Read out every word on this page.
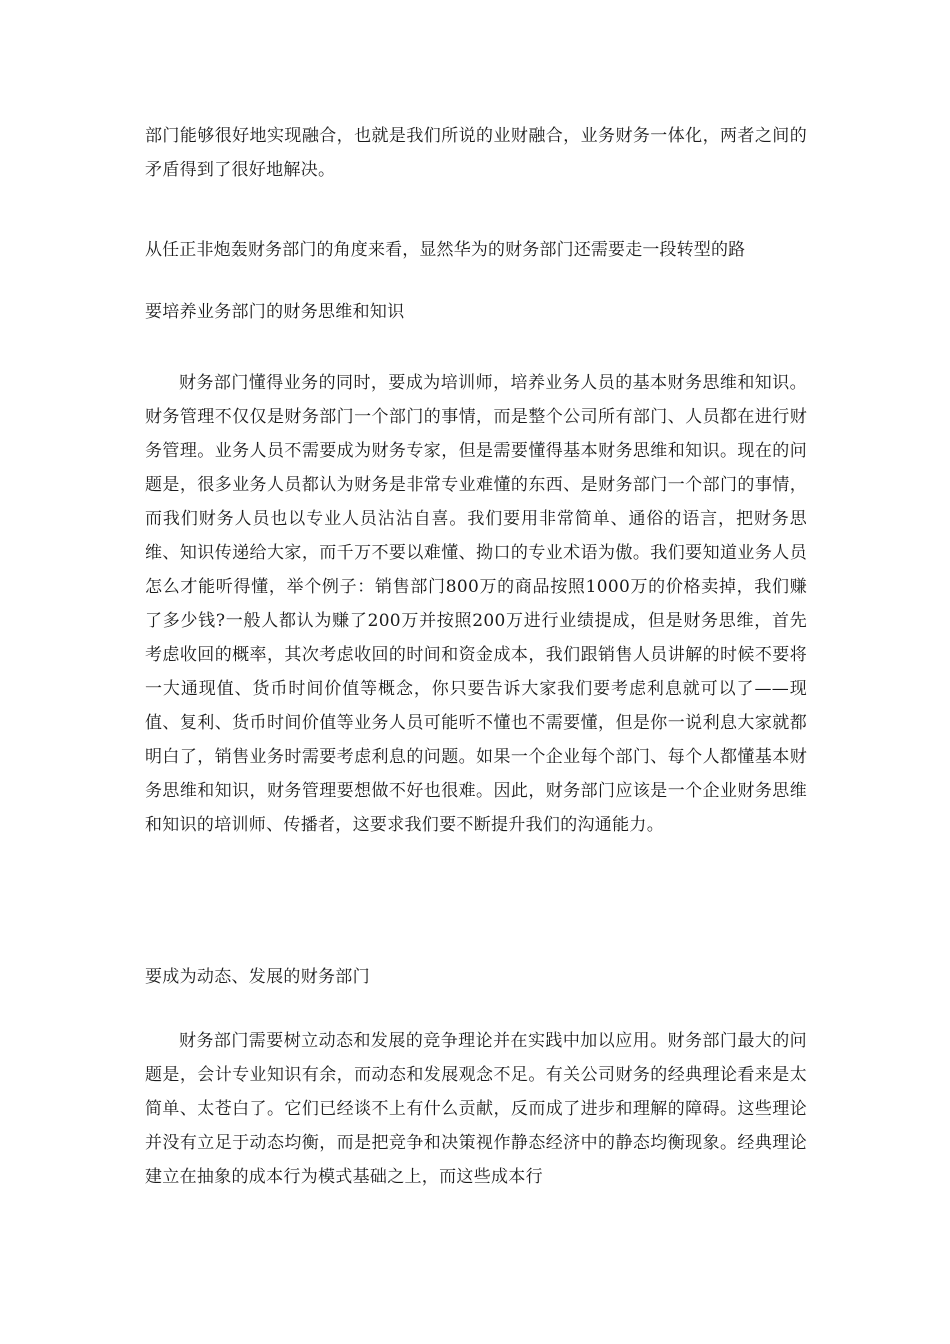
部门能够很好地实现融合，也就是我们所说的业财融合，业务财务一体化，两者之间的矛盾得到了很好地解决。
从任正非炮轰财务部门的角度来看，显然华为的财务部门还需要走一段转型的路
要培养业务部门的财务思维和知识
财务部门懂得业务的同时，要成为培训师，培养业务人员的基本财务思维和知识。财务管理不仅仅是财务部门一个部门的事情，而是整个公司所有部门、人员都在进行财务管理。业务人员不需要成为财务专家，但是需要懂得基本财务思维和知识。现在的问题是，很多业务人员都认为财务是非常专业难懂的东西、是财务部门一个部门的事情，而我们财务人员也以专业人员沾沾自喜。我们要用非常简单、通俗的语言，把财务思维、知识传递给大家，而千万不要以难懂、拗口的专业术语为傲。我们要知道业务人员怎么才能听得懂，举个例子：销售部门800万的商品按照1000万的价格卖掉，我们赚了多少钱?一般人都认为赚了200万并按照200万进行业绩提成，但是财务思维，首先考虑收回的概率，其次考虑收回的时间和资金成本，我们跟销售人员讲解的时候不要将一大通现值、货币时间价值等概念，你只要告诉大家我们要考虑利息就可以了——现值、复利、货币时间价值等业务人员可能听不懂也不需要懂，但是你一说利息大家就都明白了，销售业务时需要考虑利息的问题。如果一个企业每个部门、每个人都懂基本财务思维和知识，财务管理要想做不好也很难。因此，财务部门应该是一个企业财务思维和知识的培训师、传播者，这要求我们要不断提升我们的沟通能力。
要成为动态、发展的财务部门
财务部门需要树立动态和发展的竞争理论并在实践中加以应用。财务部门最大的问题是，会计专业知识有余，而动态和发展观念不足。有关公司财务的经典理论看来是太简单、太苍白了。它们已经谈不上有什么贡献，反而成了进步和理解的障碍。这些理论并没有立足于动态均衡，而是把竞争和决策视作静态经济中的静态均衡现象。经典理论建立在抽象的成本行为模式基础之上，而这些成本行
